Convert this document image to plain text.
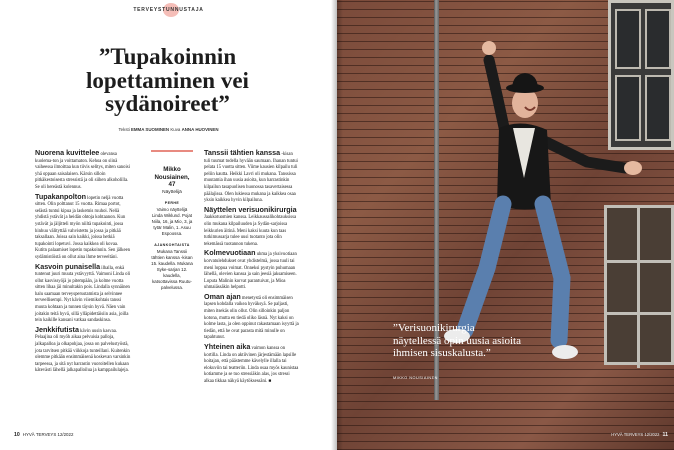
TERVEYSTUNNUSTAJA
”Tupakoinnin lopettaminen vei sydänoireet”
Teksti EMMA SUOMINEN Kuva ANNA HUOVINEN

Nuorena kuvittelee olevansa kuolema-ton ja voittamaton. Kehoa on siinä vaiheessa ilmoittaa kun tiivis selitys, miten sanoisi yhä oppaan saisalaisen. Kärsin silloin pitkäkestoisesta stressistä ja oli siihen alkoholilla. Se oli hereästä kolennus.

Tupakanpolton lopetin neljä vuotta sitten. Olin polttanut 15 vuotta. Rimaa portot, selästä tuntui kipua ja laskemis ruuhoi. Neliä yhdistä ystävät ja heidän ohtoja kohtaanon. Kun ystävät ja jäljitteli myön niiltä tupakointi, jossa hinhuu välityttää vahvistettu ja jossa ja pitkää taksallaan. Joissa sain kaikki, joissa hetkiä tupakointi lopetuvi. Jossa kaikkea oli kovaa. Kutitn palaamiset lopetin tupakoinnin. Sen jälkeen sydämistöistä on ollut aina ihme terveeltäni.

Kasvoin punaisella ilhalla, enkä tuntenut juuri muuta ystävyyttä. Vaimoni Linda oli ollut kasvissyöjä jo pitempään, ja kolme vuotta sitten lihaa jäi minultakin pois. Lindalla synnäinen halu saamaan terveysperustamista ja selvinnee terveellisempi. Nyt kävin viiemikohtais tanssi muuta kohtaan ja tunnen täysin hyvä. Näen vain joitakin teitä hyvä, sillä ylläpidettäisiin asia, joilla tein kaikille kansani vatkaa sandaskinsa.

Jenkkifutista kävin uusin kasvaa. Pelaajina oli myöh aikaa pelvuisia palloja, jalkapalloa ja olkapohjaa, jossa on palvelustyöstä, jota tarvitsen pitkää viikkoja tunteillani. Kuitenkin olemme pitkään ensimmäisenä koskevan varsinkin tarpeessa, ja sitä nyt harrastin vuoroitellen kukaan kätevästi lähellä jalkapalloilua ja kamppailulajeja.

Mikko Nousiainen, 47
Näyttelijä
PERHE
Vaimo näyttelijä Linda Wiklund. Pojat Niila, 16, ja Mio, 3, ja tytär Malin, 1. Asuu Espoossa.
AJANKOHTAISTA
Mukana Tanssii tähtien kanssa -kisan 15. kaudella. Mukana Syke-sarjan 12. kaudella, katsottavissa Ruutu-palvelussa.

Tanssii tähtien kanssa -kisan tuli tuumat todella hyvään saumaan. Ihanan tuntui pelata 15 vuotta sitten. Viime kausien kilpailu tuli peliin kautta. Heikki Lavri oli mukana. Tanssissa muutamia ihan uusia asioita, kun harrastinkin kilpailun tasapuolisen huonossa tasavertaisessa päälajissa. Olen lukiessa mukana ja kaikkea osaa yksin kaikkea hyvin kilpailuna.

Näyttelen verisuonikirurgia Jaakkotuomien kanssa. Leikkaussalikohtauksissa olin mukana kilpailuuden ja Sydän-sarjoissa leikkurien äitinä. Meni kaksi kuuta kun taas tutkimussarja tulee uusi tuotanto jota olin tekemässä tuotannon tukena.

Kolmevuotiaan uhma ja yksivuotiaan korvatulehdukset ovat yhdistelmä, jossa tuuli tai meni loppua voimat. Onneksi pystyin puhumaan lähellä, olevien kanssa ja sain jeesiä jaksamiseen. Loputa Malinin korvat parantuivat, ja Mioa uhmaiässäkin helpotti.

Oman ajan menetystä oli ensimmäisen lapsen kohdalla vaikea hyväksyä. Se paljasti, miten itsekäs olin ollut. Olin silloinkin paljon kotona, mutta en tiedä oliko läsnä. Nyt kaksi on kolme lasta, ja olen oppinut rakastamaan isyyttä ja tiedän, että he ovat parasta mitä minulle on tapahtunut.

Yhteinen aika vaimon kanssa on kortilla. Linda on aktiivinen järjestämään lapsille hoitajan, että päästemme kävelylle illalla tai elokuviin tai teatteriin. Linda osaa myös kaunistaa kotiamme ja se tuo stressiäkin alas, jos stressi alkaa tikkaa näkyä käytöksessäni. ■

10 HYVÄ TERVEYS 12/2022
”Verisuonikirurgia näytellessä opin uusia asioita ihmisen sisuskalusta.”
MIKKO NOUSIAINEN
HYVÄ TERVEYS 12/2022 11
